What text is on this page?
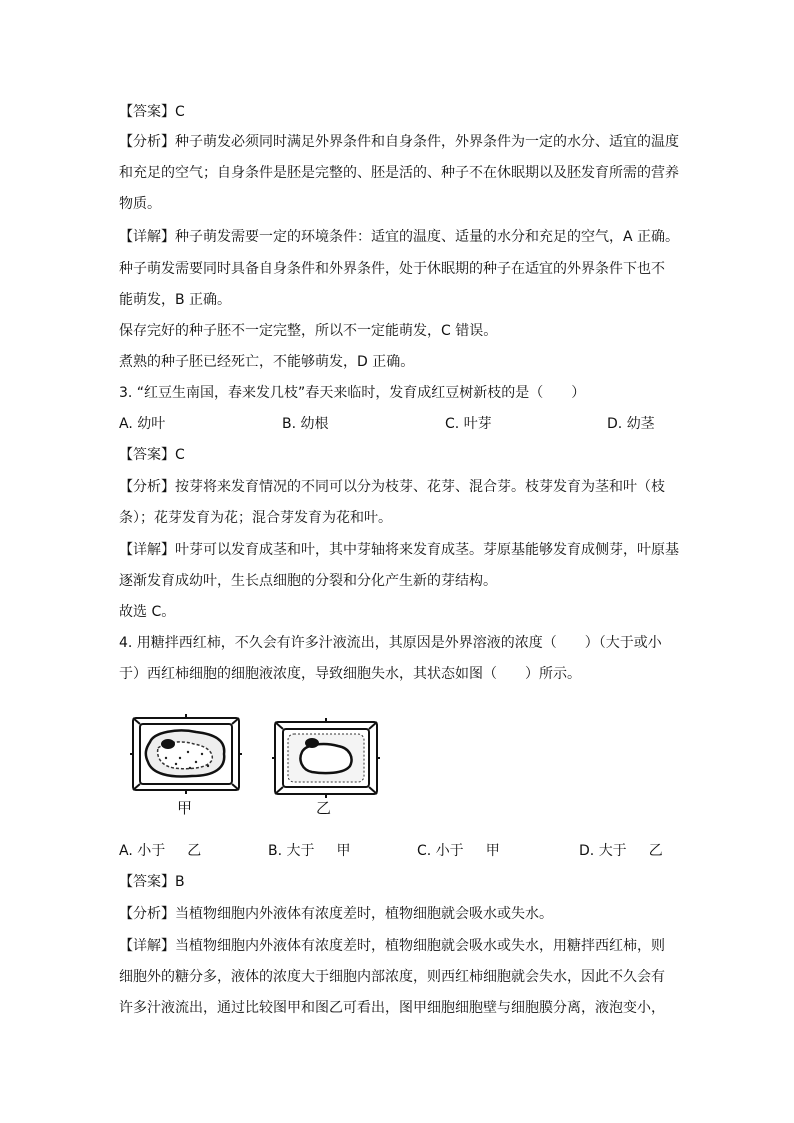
【答案】C
【分析】种子萌发必须同时满足外界条件和自身条件，外界条件为一定的水分、适宜的温度
和充足的空气；自身条件是胚是完整的、胚是活的、种子不在休眠期以及胚发育所需的营养
物质。
【详解】种子萌发需要一定的环境条件：适宜的温度、适量的水分和充足的空气，A 正确。
种子萌发需要同时具备自身条件和外界条件，处于休眠期的种子在适宜的外界条件下也不
能萌发，B 正确。
保存完好的种子胚不一定完整，所以不一定能萌发，C 错误。
煮熟的种子胚已经死亡，不能够萌发，D 正确。
3. “红豆生南国，春来发几枝”春天来临时，发育成红豆树新枝的是（　　）
A. 幼叶	B. 幼根	C. 叶芽	D. 幼茎
【答案】C
【分析】按芽将来发育情况的不同可以分为枝芽、花芽、混合芽。枝芽发育为茎和叶（枝
条）；花芽发育为花；混合芽发育为花和叶。
【详解】叶芽可以发育成茎和叶，其中芽轴将来发育成茎。芽原基能够发育成侧芽，叶原基
逐渐发育成幼叶，生长点细胞的分裂和分化产生新的芽结构。
故选 C。
4. 用糖拌西红柿，不久会有许多汁液流出，其原因是外界溶液的浓度（　　）（大于或小
于）西红柿细胞的细胞液浓度，导致细胞失水，其状态如图（　　）所示。
甲	乙
A. 小于 乙	B. 大于 甲	C. 小于 甲	D. 大于 乙
【答案】B
【分析】当植物细胞内外液体有浓度差时，植物细胞就会吸水或失水。
【详解】当植物细胞内外液体有浓度差时，植物细胞就会吸水或失水，用糖拌西红柿，则
细胞外的糖分多，液体的浓度大于细胞内部浓度，则西红柿细胞就会失水，因此不久会有
许多汁液流出，通过比较图甲和图乙可看出，图甲细胞细胞壁与细胞膜分离，液泡变小，
